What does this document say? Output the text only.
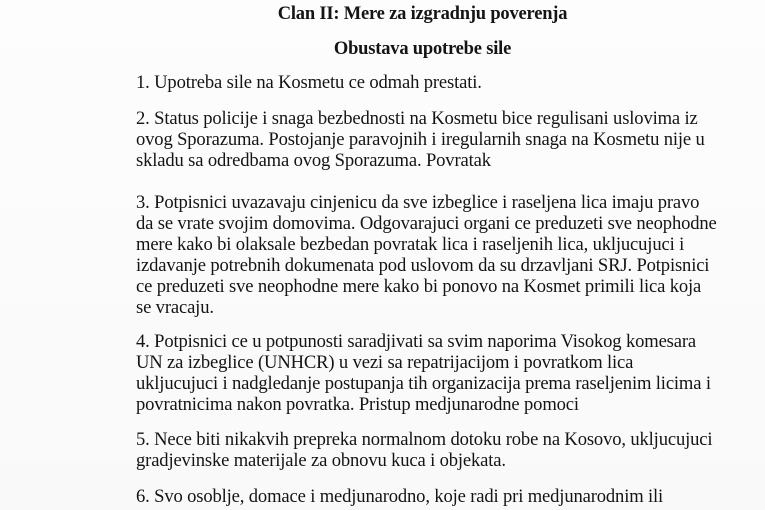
Clan II: Mere za izgradnju poverenja
Obustava upotrebe sile
1. Upotreba sile na Kosmetu ce odmah prestati.
2. Status policije i snaga bezbednosti na Kosmetu bice regulisani uslovima iz
ovog Sporazuma. Postojanje paravojnih i iregularnih snaga na Kosmetu nije u
skladu sa odredbama ovog Sporazuma. Povratak
3. Potpisnici uvazavaju cinjenicu da sve izbeglice i raseljena lica imaju pravo
da se vrate svojim domovima. Odgovarajuci organi ce preduzeti sve neophodne
mere kako bi olaksale bezbedan povratak lica i raseljenih lica, ukljucujuci i
izdavanje potrebnih dokumenata pod uslovom da su drzavljani SRJ. Potpisnici
ce preduzeti sve neophodne mere kako bi ponovo na Kosmet primili lica koja
se vracaju.
4. Potpisnici ce u potpunosti saradjivati sa svim naporima Visokog komesara
UN za izbeglice (UNHCR) u vezi sa repatrijacijom i povratkom lica
ukljucujuci i nadgledanje postupanja tih organizacija prema raseljenim licima i
povratnicima nakon povratka. Pristup medjunarodne pomoci
5. Nece biti nikakvih prepreka normalnom dotoku robe na Kosovo, ukljucujuci
gradjevinske materijale za obnovu kuca i objekata.
6. Svo osoblje, domace i medjunarodno, koje radi pri medjunarodnim ili
